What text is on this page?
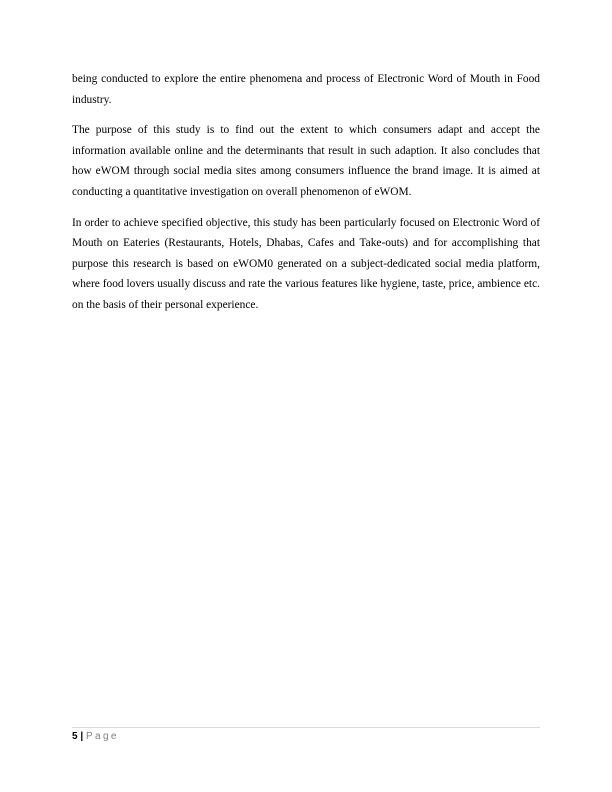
being conducted to explore the entire phenomena and process of Electronic Word of Mouth in Food industry.

The purpose of this study is to find out the extent to which consumers adapt and accept the information available online and the determinants that result in such adaption. It also concludes that how eWOM through social media sites among consumers influence the brand image. It is aimed at conducting a quantitative investigation on overall phenomenon of eWOM.

In order to achieve specified objective, this study has been particularly focused on Electronic Word of Mouth on Eateries (Restaurants, Hotels, Dhabas, Cafes and Take-outs) and for accomplishing that purpose this research is based on eWOM0 generated on a subject-dedicated social media platform, where food lovers usually discuss and rate the various features like hygiene, taste, price, ambience etc. on the basis of their personal experience.

5 | Page
